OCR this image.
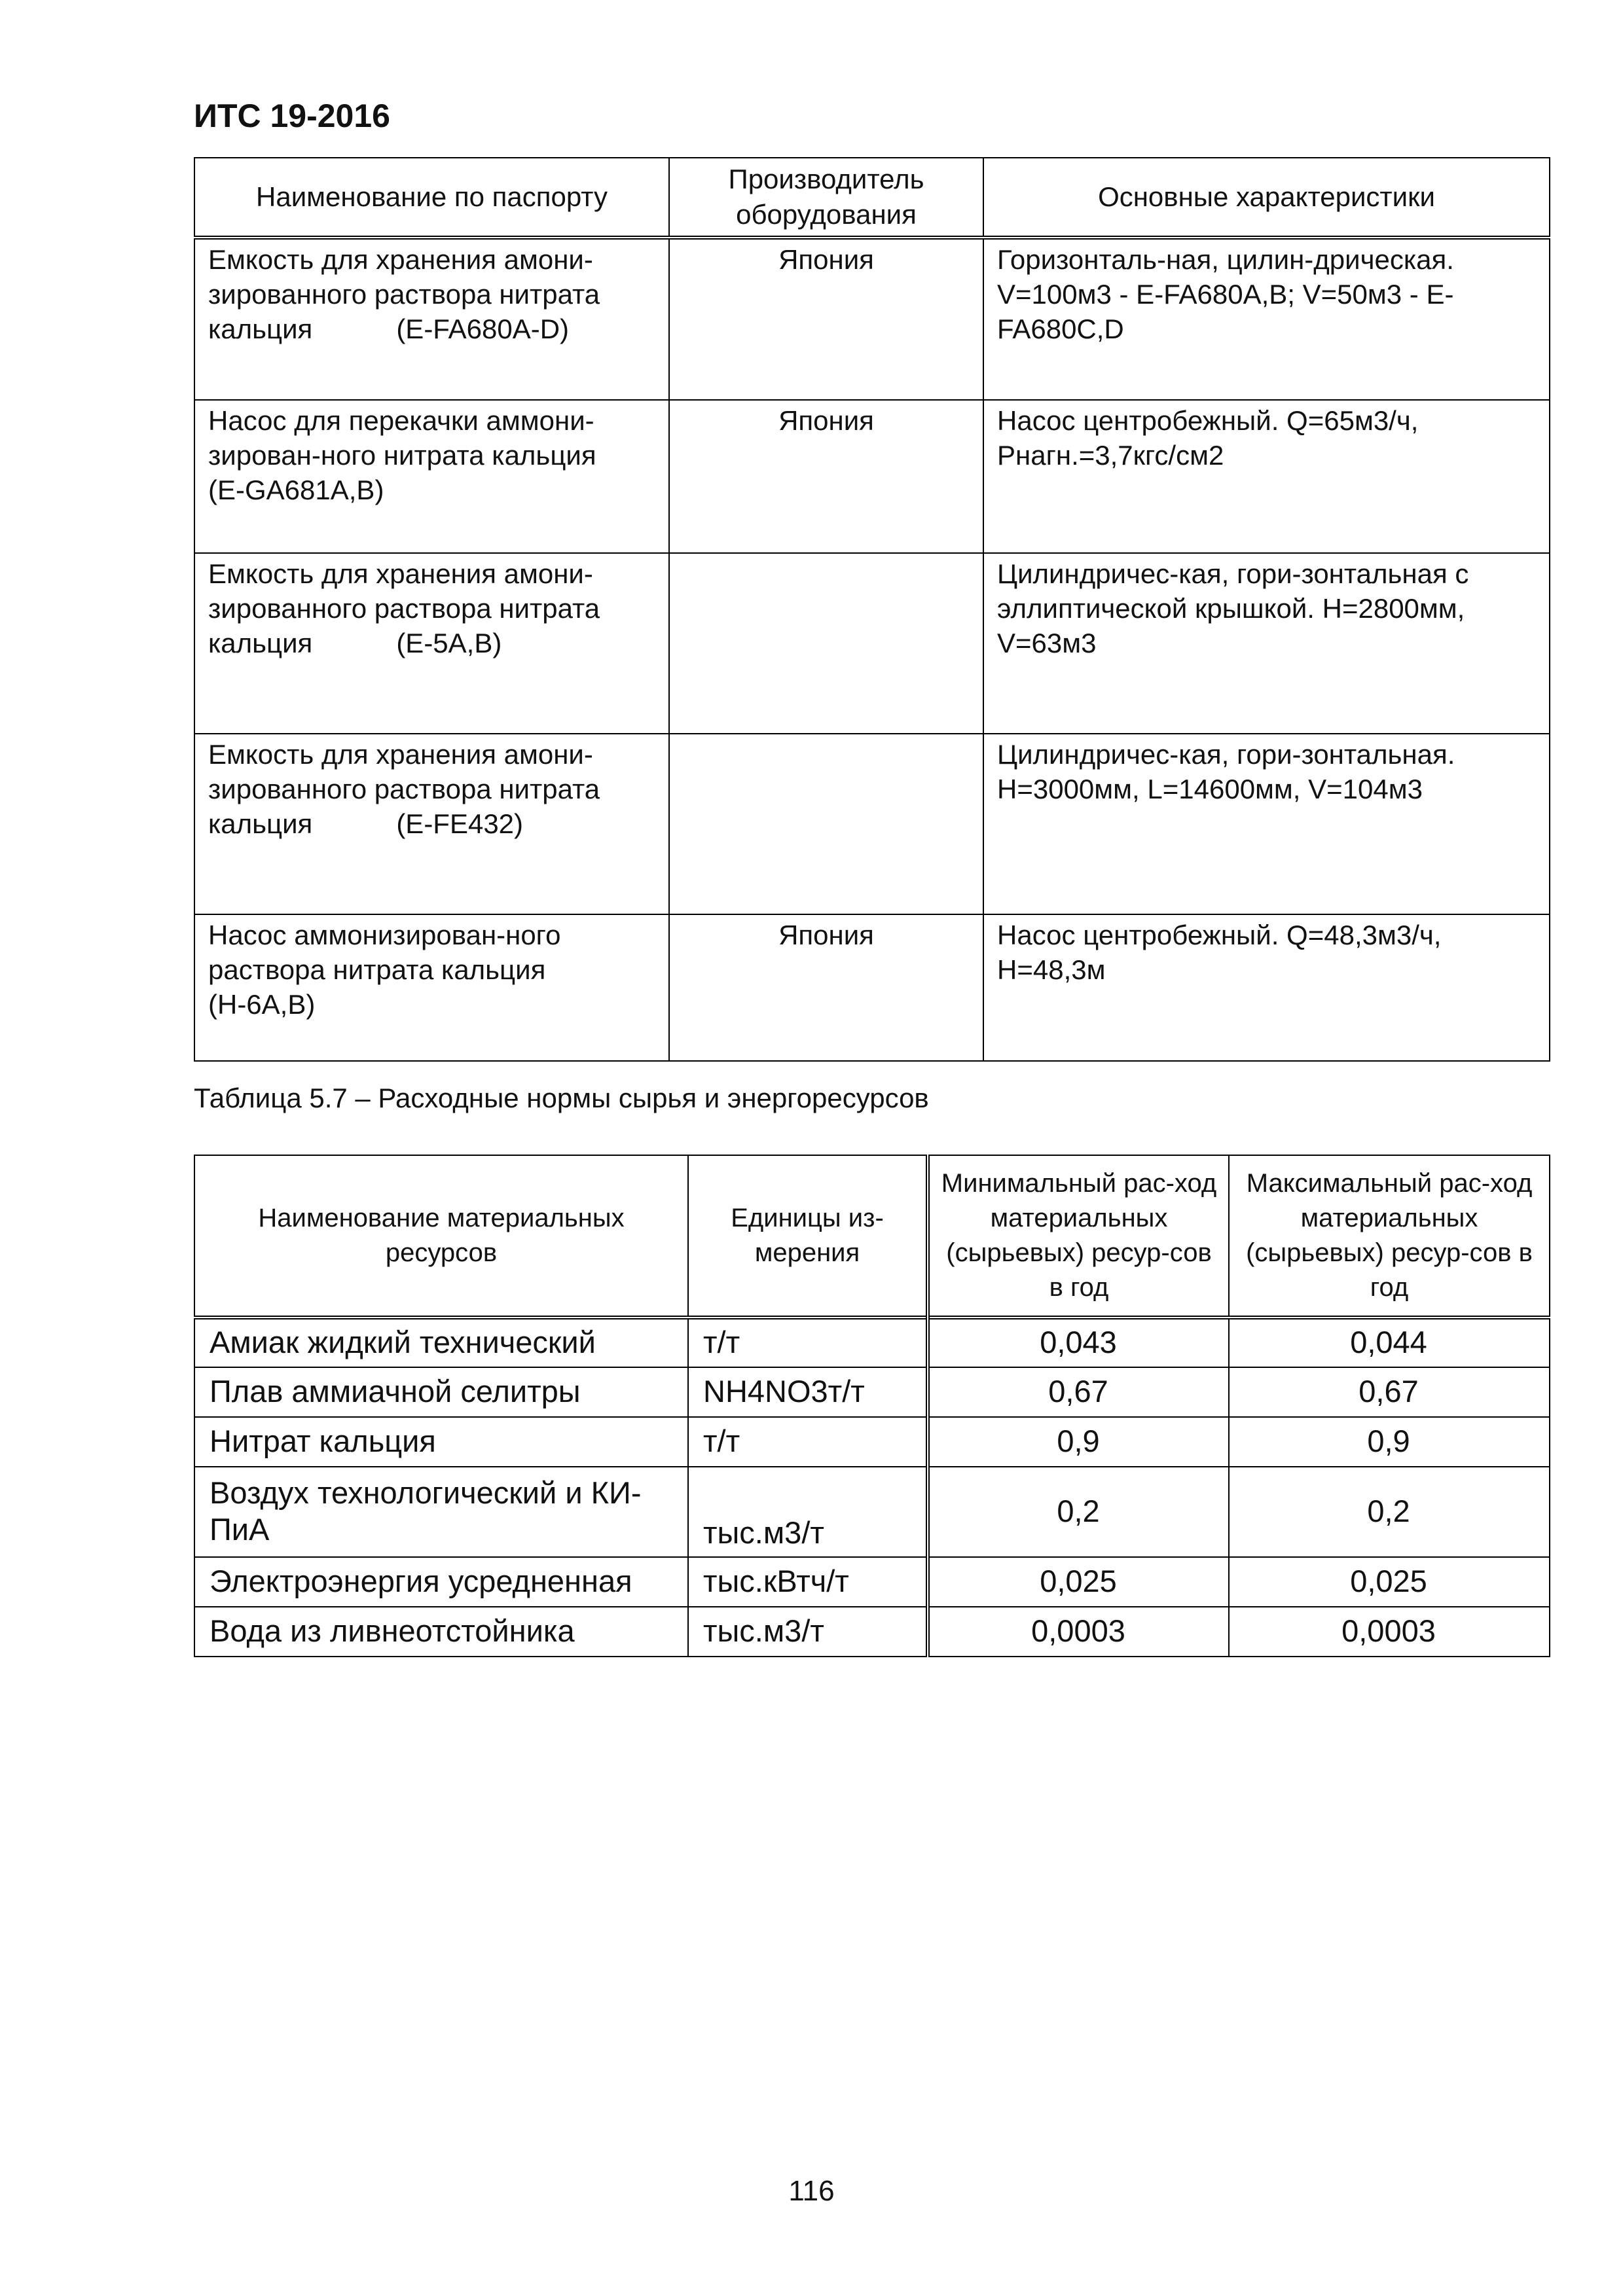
ИТС 19-2016
Наименование по паспорту	Производитель оборудования	Основные характеристики

Емкость для хранения амони-
зированного раствора нитрата
кальция (E-FA680A-D)	Япония	Горизонталь-ная, цилин-дрическая. V=100м3 - E-FA680A,B; V=50м3 - E-FA680C,D

Насос для перекачки аммони-
зирован-ного нитрата кальция
(E-GA681A,B)	Япония	Насос центробежный. Q=65м3/ч, Рнагн.=3,7кгс/см2

Емкость для хранения амони-
зированного раствора нитрата
кальция (E-5A,B)		Цилиндричес-кая, гори-зонтальная с эллиптической крышкой. Н=2800мм, V=63м3

Емкость для хранения амони-
зированного раствора нитрата
кальция (E-FE432)		Цилиндричес-кая, гори-зонтальная. Н=3000мм, L=14600мм, V=104м3

Насос аммонизирован-ного
раствора нитрата кальция
(H-6A,B)	Япония	Насос центробежный. Q=48,3м3/ч, Н=48,3м
Таблица 5.7 – Расходные нормы сырья и энергоресурсов
Наименование материальных ресурсов	Единицы из-мерения	Минимальный рас-ход материальных (сырьевых) ресур-сов в год	Максимальный рас-ход материальных (сырьевых) ресур-сов в год
Амиак жидкий технический	т/т	0,043	0,044
Плав аммиачной селитры	NH4NO3т/т	0,67	0,67
Нитрат кальция	т/т	0,9	0,9
Воздух технологический и КИ-ПиА	тыс.м3/т	0,2	0,2
Электроэнергия усредненная	тыс.кВтч/т	0,025	0,025
Вода из ливнеотстойника	тыс.м3/т	0,0003	0,0003
116
